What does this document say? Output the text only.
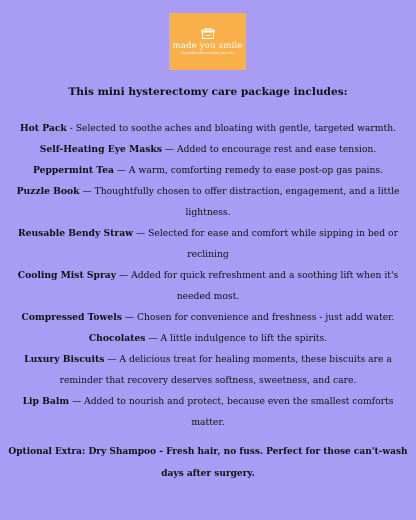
made you smile
thoughtful gifts to make your day
This mini hysterectomy care package includes:

Hot Pack - Selected to soothe aches and bloating with gentle, targeted warmth.

Self-Heating Eye Masks — Added to encourage rest and ease tension.

Peppermint Tea — A warm, comforting remedy to ease post-op gas pains.

Puzzle Book — Thoughtfully chosen to offer distraction, engagement, and a little lightness.

Reusable Bendy Straw — Selected for ease and comfort while sipping in bed or reclining

Cooling Mist Spray — Added for quick refreshment and a soothing lift when it's needed most.

Compressed Towels — Chosen for convenience and freshness - just add water.

Chocolates — A little indulgence to lift the spirits.

Luxury Biscuits — A delicious treat for healing moments, these biscuits are a reminder that recovery deserves softness, sweetness, and care.

Lip Balm — Added to nourish and protect, because even the smallest comforts matter.

Optional Extra: Dry Shampoo - Fresh hair, no fuss. Perfect for those can't-wash days after surgery.
